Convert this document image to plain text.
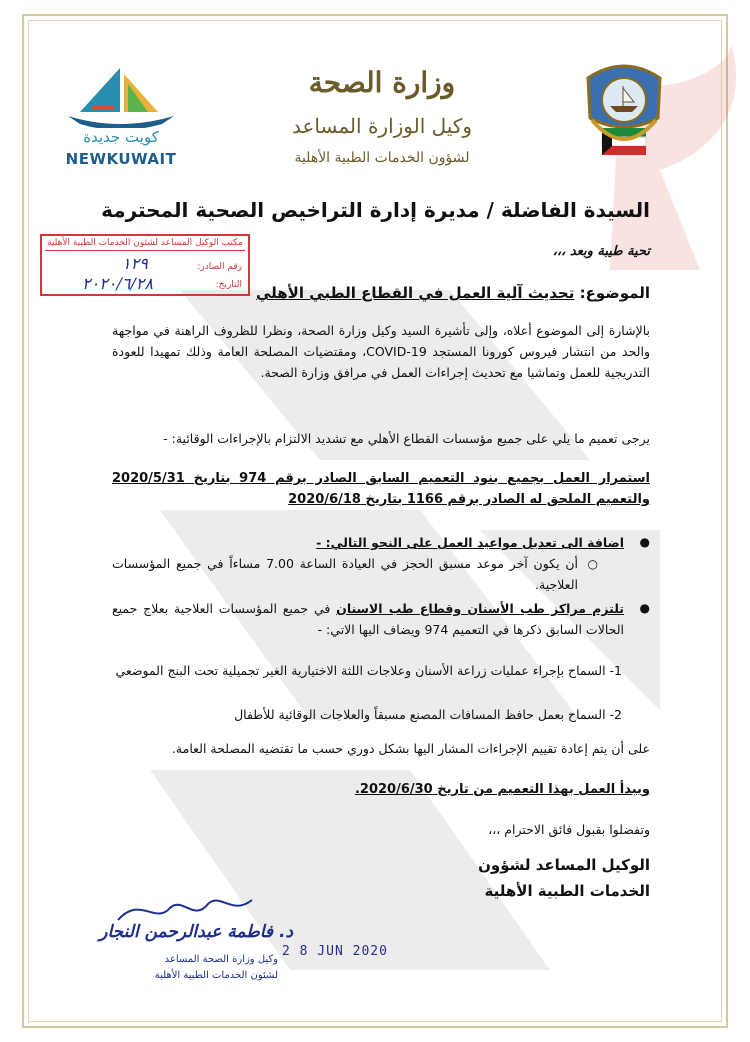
وزارة الصحة
وكيل الوزارة المساعد
لشؤون الخدمات الطبية الأهلية
كويت جديدة
NEWKUWAIT
السيدة الفاضلة / مديرة إدارة التراخيص الصحية المحترمة
تحية طيبة وبعد ،،،
مكتب الوكيل المساعد لشئون الخدمات الطبية الأهلية
رقم الصادر:
١٢٩
التاريخ:
٢٠٢٠/٦/٢٨	الموضوع: تحديث آلية العمل في القطاع الطبي الأهلي
بالإشارة إلى الموضوع أعلاه، وإلى تأشيرة السيد وكيل وزارة الصحة، ونظرا للظروف الراهنة في مواجهة والحد من انتشار فيروس كورونا المستجد COVID-19، ومقتضيات المصلحة العامة وذلك تمهيدا للعودة التدريجية للعمل وتماشيا مع تحديث إجراءات العمل في مرافق وزارة الصحة.
يرجى تعميم ما يلي على جميع مؤسسات القطاع الأهلي مع تشديد الالتزام بالإجراءات الوقائية: -
استمرار العمل بجميع بنود التعميم السابق الصادر برقم 974 بتاريخ 2020/5/31 والتعميم الملحق له الصادر برقم 1166 بتاريخ 2020/6/18
●
اضافة الى تعديل مواعيد العمل على النحو التالي: -
○
أن يكون آخر موعد مسبق الحجز في العيادة الساعة 7.00 مساءاً في جميع المؤسسات العلاجية.
●
تلتزم مراكز طب الأسنان وقطاع طب الاسنان في جميع المؤسسات العلاجية بعلاج جميع الحالات السابق ذكرها في التعميم 974 ويضاف اليها الاتي: -
1- السماح بإجراء عمليات زراعة الأسنان وعلاجات اللثة الاختيارية الغير تجميلية تحت البنج الموضعي
2- السماح بعمل حافظ المسافات المصنع مسبقاً والعلاجات الوقائية للأطفال
على أن يتم إعادة تقييم الإجراءات المشار اليها بشكل دوري حسب ما تقتضيه المصلحة العامة.
ويبدأ العمل بهذا التعميم من تاريخ 2020/6/30.
وتفضلوا بقبول فائق الاحترام ،،،
الوكيل المساعد لشؤون
الخدمات الطبية الأهلية
د. فاطمة عبدالرحمن النجار
وكيل وزارة الصحة المساعد
لشئون الخدمات الطبية الأهلية
2 8 JUN 2020
